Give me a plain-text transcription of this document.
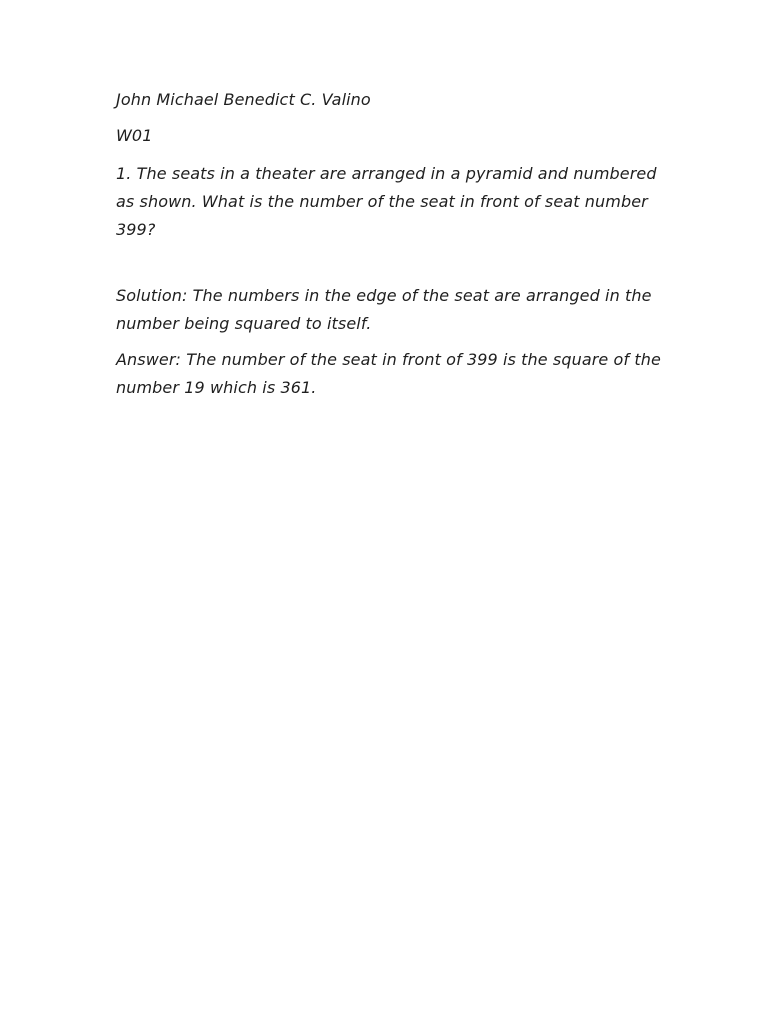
John Michael Benedict C. Valino

W01

1. The seats in a theater are arranged in a pyramid and numbered as shown. What is the number of the seat in front of seat number 399?

Solution: The numbers in the edge of the seat are arranged in the number being squared to itself.

Answer: The number of the seat in front of 399 is the square of the number 19 which is 361.
